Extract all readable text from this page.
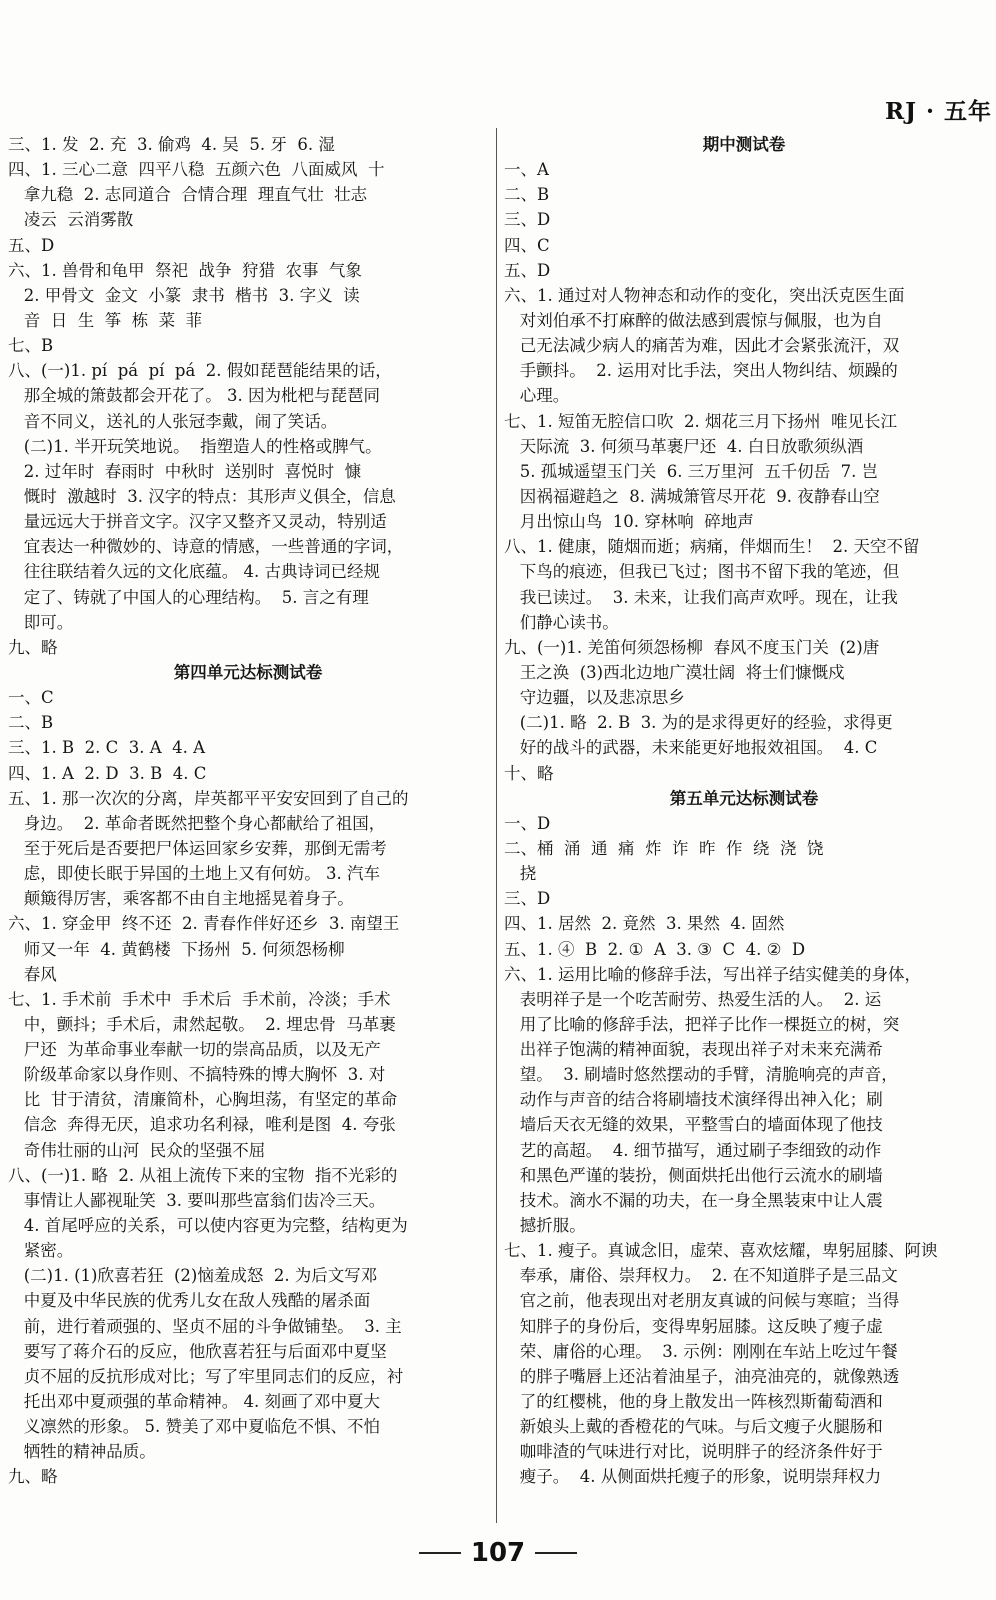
RJ · 五年
三、1. 发  2. 充  3. 偷鸡  4. 吴  5. 牙  6. 湿
四、1. 三心二意  四平八稳  五颜六色  八面威风  十
拿九稳  2. 志同道合  合情合理  理直气壮  壮志
凌云  云消雾散
五、D
六、1. 兽骨和龟甲  祭祀  战争  狩猎  农事  气象
2. 甲骨文  金文  小篆  隶书  楷书  3. 字义  读
音  日  生  筝  栋  菜  菲
七、B
八、(一)1. pí  pá  pí  pá  2. 假如琵琶能结果的话，
那全城的箫鼓都会开花了。 3. 因为枇杷与琵琶同
音不同义，送礼的人张冠李戴，闹了笑话。
(二)1. 半开玩笑地说。  指塑造人的性格或脾气。
2. 过年时  春雨时  中秋时  送别时  喜悦时  慷
慨时  激越时  3. 汉字的特点：其形声义俱全，信息
量远远大于拼音文字。汉字又整齐又灵动，特别适
宜表达一种微妙的、诗意的情感，一些普通的字词，
往往联结着久远的文化底蕴。 4. 古典诗词已经规
定了、铸就了中国人的心理结构。  5. 言之有理
即可。
九、略
第四单元达标测试卷
一、C
二、B
三、1. B  2. C  3. A  4. A
四、1. A  2. D  3. B  4. C
五、1. 那一次次的分离，岸英都平平安安回到了自己的
身边。  2. 革命者既然把整个身心都献给了祖国，
至于死后是否要把尸体运回家乡安葬，那倒无需考
虑，即使长眠于异国的土地上又有何妨。 3. 汽车
颠簸得厉害，乘客都不由自主地摇晃着身子。
六、1. 穿金甲  终不还  2. 青春作伴好还乡  3. 南望王
师又一年  4. 黄鹤楼  下扬州  5. 何须怨杨柳
春风
七、1. 手术前  手术中  手术后  手术前，冷淡；手术
中，颤抖；手术后，肃然起敬。  2. 埋忠骨  马革裹
尸还  为革命事业奉献一切的崇高品质，以及无产
阶级革命家以身作则、不搞特殊的博大胸怀  3. 对
比  甘于清贫，清廉简朴，心胸坦荡，有坚定的革命
信念  奔得无厌，追求功名利禄，唯利是图  4. 夸张
奇伟壮丽的山河  民众的坚强不屈
八、(一)1. 略  2. 从祖上流传下来的宝物  指不光彩的
事情让人鄙视耻笑  3. 要叫那些富翁们齿冷三天。
4. 首尾呼应的关系，可以使内容更为完整，结构更为
紧密。
(二)1. (1)欣喜若狂  (2)恼羞成怒  2. 为后文写邓
中夏及中华民族的优秀儿女在敌人残酷的屠杀面
前，进行着顽强的、坚贞不屈的斗争做铺垫。  3. 主
要写了蒋介石的反应，他欣喜若狂与后面邓中夏坚
贞不屈的反抗形成对比；写了牢里同志们的反应，衬
托出邓中夏顽强的革命精神。 4. 刻画了邓中夏大
义凛然的形象。 5. 赞美了邓中夏临危不惧、不怕
牺牲的精神品质。
九、略
期中测试卷
一、A
二、B
三、D
四、C
五、D
六、1. 通过对人物神态和动作的变化，突出沃克医生面
对刘伯承不打麻醉的做法感到震惊与佩服，也为自
己无法减少病人的痛苦为难，因此才会紧张流汗，双
手颤抖。  2. 运用对比手法，突出人物纠结、烦躁的
心理。
七、1. 短笛无腔信口吹  2. 烟花三月下扬州  唯见长江
天际流  3. 何须马革裹尸还  4. 白日放歌须纵酒
5. 孤城遥望玉门关  6. 三万里河  五千仞岳  7. 岂
因祸福避趋之  8. 满城箫管尽开花  9. 夜静春山空
月出惊山鸟  10. 穿林响  碎地声
八、1. 健康，随烟而逝；病痛，伴烟而生！  2. 天空不留
下鸟的痕迹，但我已飞过；图书不留下我的笔迹，但
我已读过。  3. 未来，让我们高声欢呼。现在，让我
们静心读书。
九、(一)1. 羌笛何须怨杨柳  春风不度玉门关  (2)唐
王之涣  (3)西北边地广漠壮阔  将士们慷慨戍
守边疆，以及悲凉思乡
(二)1. 略  2. B  3. 为的是求得更好的经验，求得更
好的战斗的武器，未来能更好地报效祖国。  4. C
十、略
第五单元达标测试卷
一、D
二、桶  涌  通  痛  炸  诈  昨  作  绕  浇  饶
挠
三、D
四、1. 居然  2. 竟然  3. 果然  4. 固然
五、1. ④  B  2. ①  A  3. ③  C  4. ②  D
六、1. 运用比喻的修辞手法，写出祥子结实健美的身体，
表明祥子是一个吃苦耐劳、热爱生活的人。  2. 运
用了比喻的修辞手法，把祥子比作一棵挺立的树，突
出祥子饱满的精神面貌，表现出祥子对未来充满希
望。  3. 刷墙时悠然摆动的手臂，清脆响亮的声音，
动作与声音的结合将刷墙技术演绎得出神入化；刷
墙后天衣无缝的效果，平整雪白的墙面体现了他技
艺的高超。  4. 细节描写，通过刷子李细致的动作
和黑色严谨的装扮，侧面烘托出他行云流水的刷墙
技术。滴水不漏的功夫，在一身全黑装束中让人震
撼折服。
七、1. 瘦子。真诚念旧，虚荣、喜欢炫耀，卑躬屈膝、阿谀
奉承，庸俗、崇拜权力。  2. 在不知道胖子是三品文
官之前，他表现出对老朋友真诚的问候与寒暄；当得
知胖子的身份后，变得卑躬屈膝。这反映了瘦子虚
荣、庸俗的心理。  3. 示例：刚刚在车站上吃过午餐
的胖子嘴唇上还沾着油星子，油亮油亮的，就像熟透
了的红樱桃，他的身上散发出一阵核烈斯葡萄酒和
新娘头上戴的香橙花的气味。与后文瘦子火腿肠和
咖啡渣的气味进行对比，说明胖子的经济条件好于
瘦子。  4. 从侧面烘托瘦子的形象，说明崇拜权力
107
